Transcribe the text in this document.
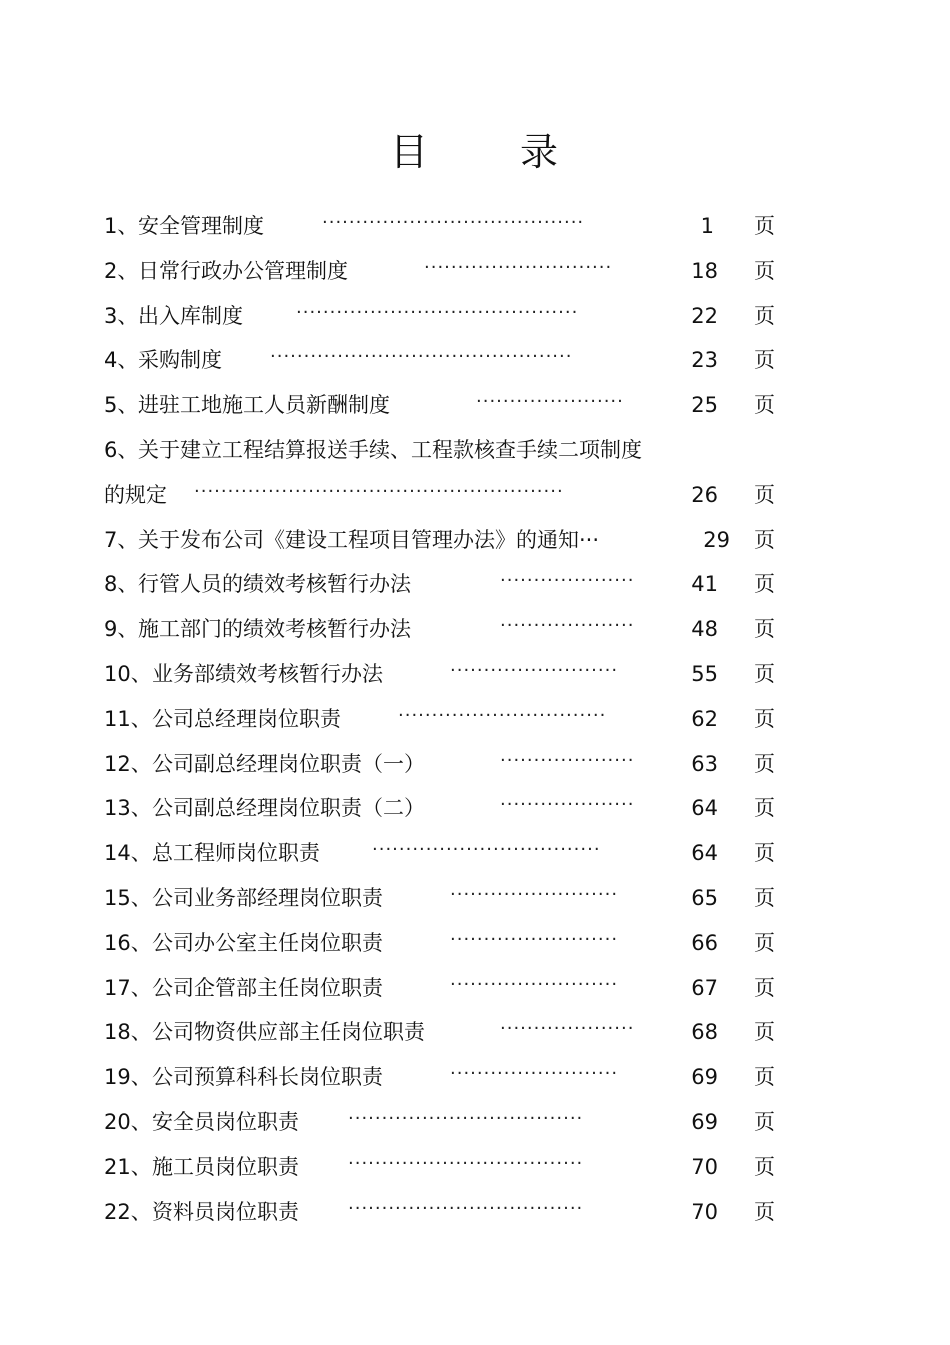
目 录
1、 安全管理制度	·······································	1 页
2、 日常行政办公管理制度	····························	18 页
3、 出入库制度	··········································	22 页
4、 采购制度	·············································	23 页
5、 进驻工地施工人员新酬制度	······················	25 页
6、 关于建立工程结算报送手续、工程款核查手续二项制度
的规定 ·······················································	26 页
7、 关于发布公司《建设工程项目管理办法》的通知···	29 页
8、 行管人员的绩效考核暂行办法	····················	41 页
9、 施工部门的绩效考核暂行办法	····················	48 页
10、 业务部绩效考核暂行办法	·························	55 页
11、 公司总经理岗位职责	·······························	62 页
12、 公司副总经理岗位职责（一）	····················	63 页
13、 公司副总经理岗位职责（二）	····················	64 页
14、 总工程师岗位职责	··································	64 页
15、 公司业务部经理岗位职责	·························	65 页
16、 公司办公室主任岗位职责	·························	66 页
17、 公司企管部主任岗位职责	·························	67 页
18、 公司物资供应部主任岗位职责	····················	68 页
19、 公司预算科科长岗位职责	·························	69 页
20、 安全员岗位职责	···································	69 页
21、 施工员岗位职责	···································	70 页
22、 资料员岗位职责	···································	70 页
